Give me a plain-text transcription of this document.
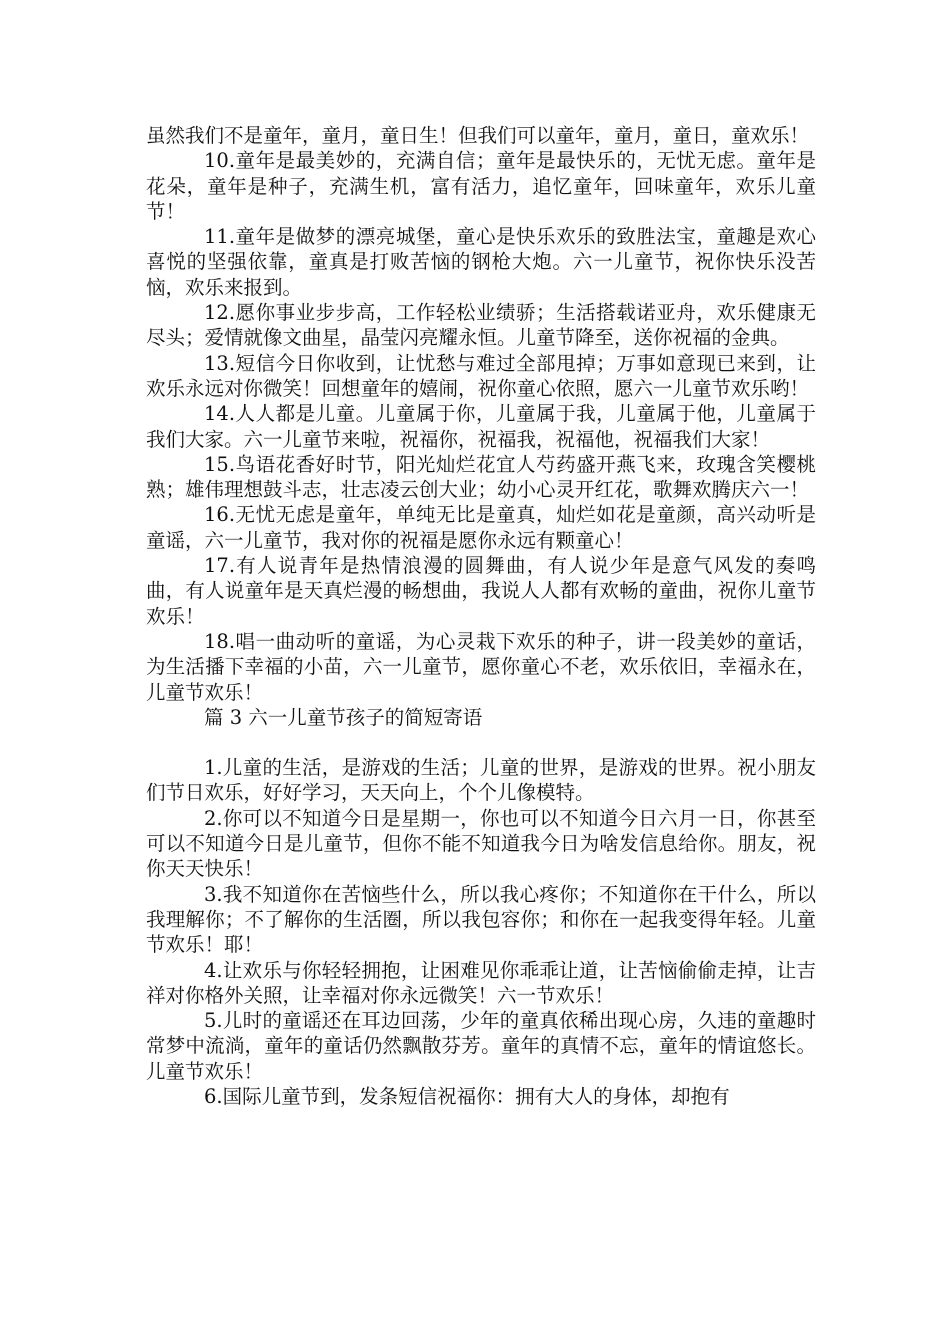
虽然我们不是童年，童月，童日生！但我们可以童年，童月，童日，童欢乐！

10.童年是最美妙的，充满自信；童年是最快乐的，无忧无虑。童年是花朵，童年是种子，充满生机，富有活力，追忆童年，回味童年，欢乐儿童节！

11.童年是做梦的漂亮城堡，童心是快乐欢乐的致胜法宝，童趣是欢心喜悦的坚强依靠，童真是打败苦恼的钢枪大炮。六一儿童节，祝你快乐没苦恼，欢乐来报到。

12.愿你事业步步高，工作轻松业绩骄；生活搭载诺亚舟，欢乐健康无尽头；爱情就像文曲星，晶莹闪亮耀永恒。儿童节降至，送你祝福的金典。

13.短信今日你收到，让忧愁与难过全部甩掉；万事如意现已来到，让欢乐永远对你微笑！回想童年的嬉闹，祝你童心依照，愿六一儿童节欢乐哟！

14.人人都是儿童。儿童属于你，儿童属于我，儿童属于他，儿童属于我们大家。六一儿童节来啦，祝福你，祝福我，祝福他，祝福我们大家！

15.鸟语花香好时节，阳光灿烂花宜人芍药盛开燕飞来，玫瑰含笑樱桃熟；雄伟理想鼓斗志，壮志凌云创大业；幼小心灵开红花，歌舞欢腾庆六一！

16.无忧无虑是童年，单纯无比是童真，灿烂如花是童颜，高兴动听是童谣，六一儿童节，我对你的祝福是愿你永远有颗童心！

17.有人说青年是热情浪漫的圆舞曲，有人说少年是意气风发的奏鸣曲，有人说童年是天真烂漫的畅想曲，我说人人都有欢畅的童曲，祝你儿童节欢乐！

18.唱一曲动听的童谣，为心灵栽下欢乐的种子，讲一段美妙的童话，为生活播下幸福的小苗，六一儿童节，愿你童心不老，欢乐依旧，幸福永在，儿童节欢乐！

篇 3 六一儿童节孩子的简短寄语

1.儿童的生活，是游戏的生活；儿童的世界，是游戏的世界。祝小朋友们节日欢乐，好好学习，天天向上，个个儿像模特。

2.你可以不知道今日是星期一，你也可以不知道今日六月一日，你甚至可以不知道今日是儿童节，但你不能不知道我今日为啥发信息给你。朋友，祝你天天快乐！

3.我不知道你在苦恼些什么，所以我心疼你；不知道你在干什么，所以我理解你；不了解你的生活圈，所以我包容你；和你在一起我变得年轻。儿童节欢乐！耶！

4.让欢乐与你轻轻拥抱，让困难见你乖乖让道，让苦恼偷偷走掉，让吉祥对你格外关照，让幸福对你永远微笑！六一节欢乐！

5.儿时的童谣还在耳边回荡，少年的童真依稀出现心房，久违的童趣时常梦中流淌，童年的童话仍然飘散芬芳。童年的真情不忘，童年的情谊悠长。儿童节欢乐！

6.国际儿童节到，发条短信祝福你：拥有大人的身体，却抱有
